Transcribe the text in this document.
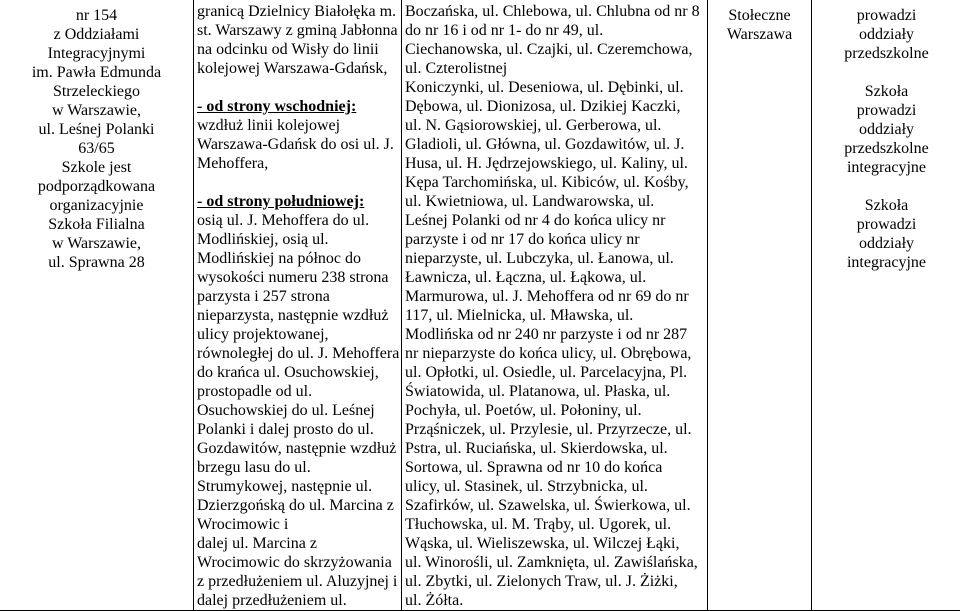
nr 154
z Oddziałami
Integracyjnymi
im. Pawła Edmunda
Strzeleckiego
w Warszawie,
ul. Leśnej Polanki
63/65
Szkole jest
podporządkowana
organizacyjnie
Szkoła Filialna
w Warszawie,
ul. Sprawna 28

granicą Dzielnicy Białołęka m.
st. Warszawy z gminą Jabłonna
na odcinku od Wisły do linii
kolejowej Warszawa-Gdańsk,
- od strony wschodniej:
wzdłuż linii kolejowej
Warszawa-Gdańsk do osi ul. J.
Mehoffera,
- od strony południowej:
osią ul. J. Mehoffera do ul.
Modlińskiej, osią ul.
Modlińskiej na północ do
wysokości numeru 238 strona
parzysta i 257 strona
nieparzysta, następnie wzdłuż
ulicy projektowanej,
równoległej do ul. J. Mehoffera
do krańca ul. Osuchowskiej,
prostopadle od ul.
Osuchowskiej do ul. Leśnej
Polanki i dalej prosto do ul.
Gozdawitów, następnie wzdłuż
brzegu lasu do ul.
Strumykowej, następnie ul.
Dzierzgońską do ul. Marcina z
Wrocimowic i
dalej ul. Marcina z
Wrocimowic do skrzyżowania
z przedłużeniem ul. Aluzyjnej i
dalej przedłużeniem ul.

Boczańska, ul. Chlebowa, ul. Chlubna od nr 8
do nr 16 i od nr 1- do nr 49, ul.
Ciechanowska, ul. Czajki, ul. Czeremchowa,
ul. Czterolistnej
Koniczynki, ul. Deseniowa, ul. Dębinki, ul.
Dębowa, ul. Dionizosa, ul. Dzikiej Kaczki,
ul. N. Gąsiorowskiej, ul. Gerberowa, ul.
Gladioli, ul. Główna, ul. Gozdawitów, ul. J.
Husa, ul. H. Jędrzejowskiego, ul. Kaliny, ul.
Kępa Tarchomińska, ul. Kibiców, ul. Kośby,
ul. Kwietniowa, ul. Landwarowska, ul.
Leśnej Polanki od nr 4 do końca ulicy nr
parzyste i od nr 17 do końca ulicy nr
nieparzyste, ul. Lubczyka, ul. Łanowa, ul.
Ławnicza, ul. Łączna, ul. Łąkowa, ul.
Marmurowa, ul. J. Mehoffera od nr 69 do nr
117, ul. Mielnicka, ul. Mławska, ul.
Modlińska od nr 240 nr parzyste i od nr 287
nr nieparzyste do końca ulicy, ul. Obrębowa,
ul. Opłotki, ul. Osiedle, ul. Parcelacyjna, Pl.
Światowida, ul. Platanowa, ul. Płaska, ul.
Pochyła, ul. Poetów, ul. Połoniny, ul.
Prząśniczek, ul. Przylesie, ul. Przyrzecze, ul.
Pstra, ul. Ruciańska, ul. Skierdowska, ul.
Sortowa, ul. Sprawna od nr 10 do końca
ulicy, ul. Stasinek, ul. Strzybnicka, ul.
Szafirków, ul. Szawelska, ul. Świerkowa, ul.
Tłuchowska, ul. M. Trąby, ul. Ugorek, ul.
Wąska, ul. Wieliszewska, ul. Wilczej Łąki,
ul. Winorośli, ul. Zamknięta, ul. Zawiślańska,
ul. Zbytki, ul. Zielonych Traw, ul. J. Żiżki,
ul. Żółta.

Stołeczne
Warszawa

prowadzi
oddziały
przedszkolne
Szkoła
prowadzi
oddziały
przedszkolne
integracyjne
Szkoła
prowadzi
oddziały
integracyjne
